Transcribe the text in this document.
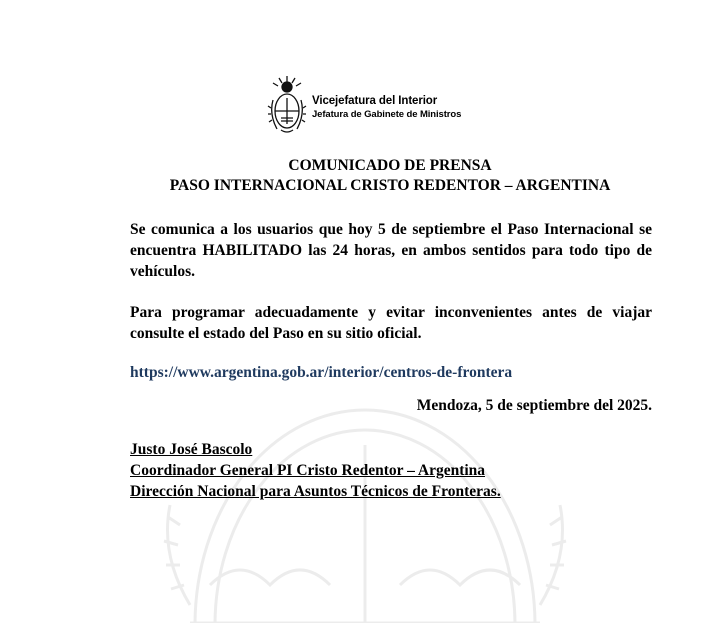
Vicejefatura del Interior
Jefatura de Gabinete de Ministros
COMUNICADO DE PRENSA
PASO INTERNACIONAL CRISTO REDENTOR – ARGENTINA
Se comunica a los usuarios que hoy 5 de septiembre el Paso Internacional se encuentra HABILITADO las 24 horas, en ambos sentidos para todo tipo de vehículos.
Para programar adecuadamente y evitar inconvenientes antes de viajar consulte el estado del Paso en su sitio oficial.
https://www.argentina.gob.ar/interior/centros-de-frontera
Mendoza, 5 de septiembre del 2025.
Justo José Bascolo
Coordinador General PI Cristo Redentor – Argentina
Dirección Nacional para Asuntos Técnicos de Fronteras.
